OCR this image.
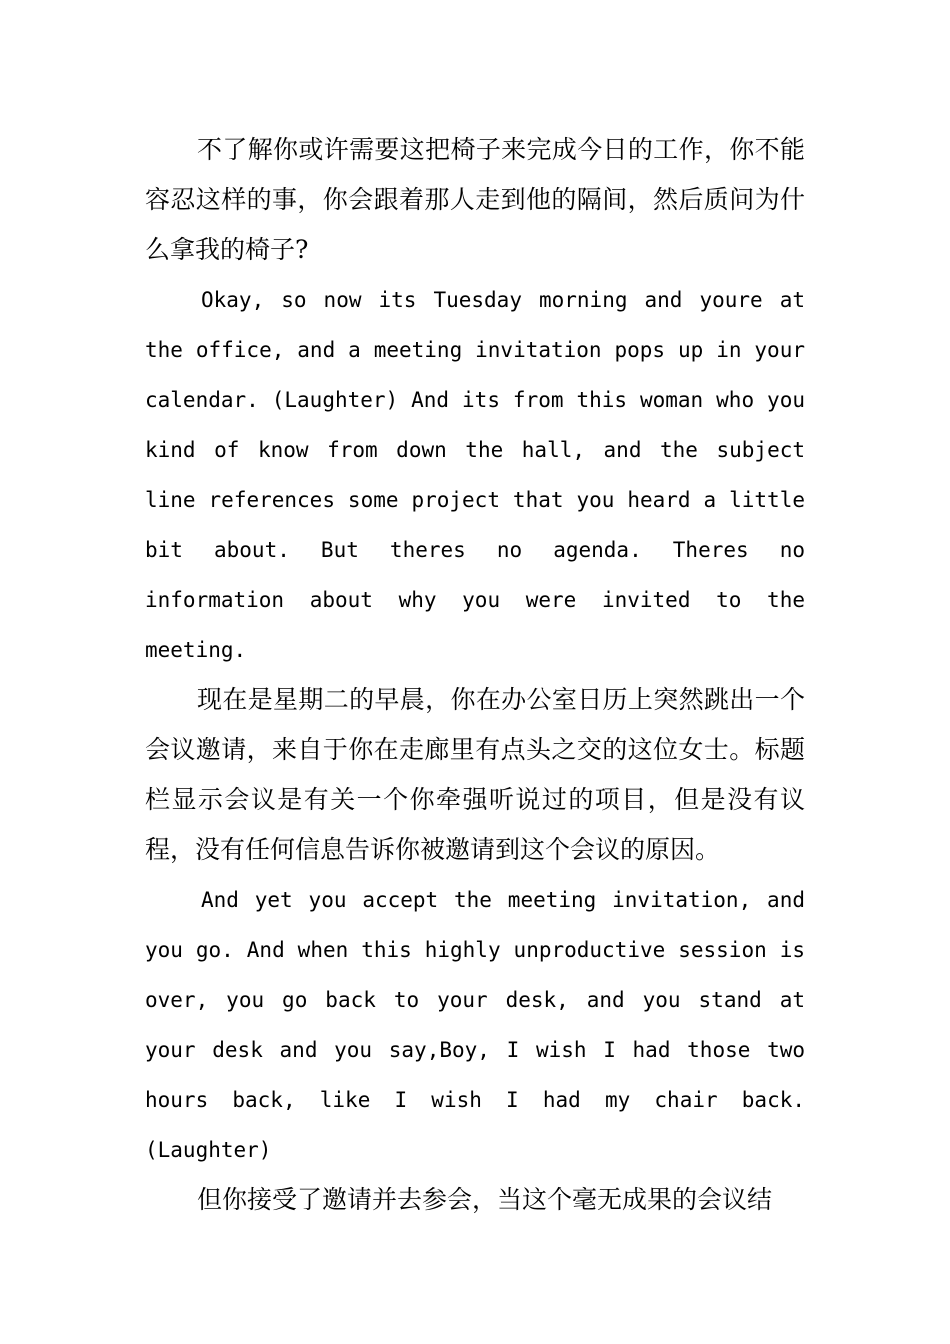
不了解你或许需要这把椅子来完成今日的工作，你不能容忍这样的事，你会跟着那人走到他的隔间，然后质问为什么拿我的椅子?

Okay, so now its Tuesday morning and youre at the office, and a meeting invitation pops up in your calendar. (Laughter) And its from this woman who you kind of know from down the hall, and the subject line references some project that you heard a little bit about. But theres no agenda. Theres no information about why you were invited to the meeting.

现在是星期二的早晨，你在办公室日历上突然跳出一个会议邀请，来自于你在走廊里有点头之交的这位女士。标题栏显示会议是有关一个你牵强听说过的项目，但是没有议程，没有任何信息告诉你被邀请到这个会议的原因。

And yet you accept the meeting invitation, and you go. And when this highly unproductive session is over, you go back to your desk, and you stand at your desk and you say,Boy, I wish I had those two hours back, like I wish I had my chair back. (Laughter)

但你接受了邀请并去参会，当这个毫无成果的会议结
